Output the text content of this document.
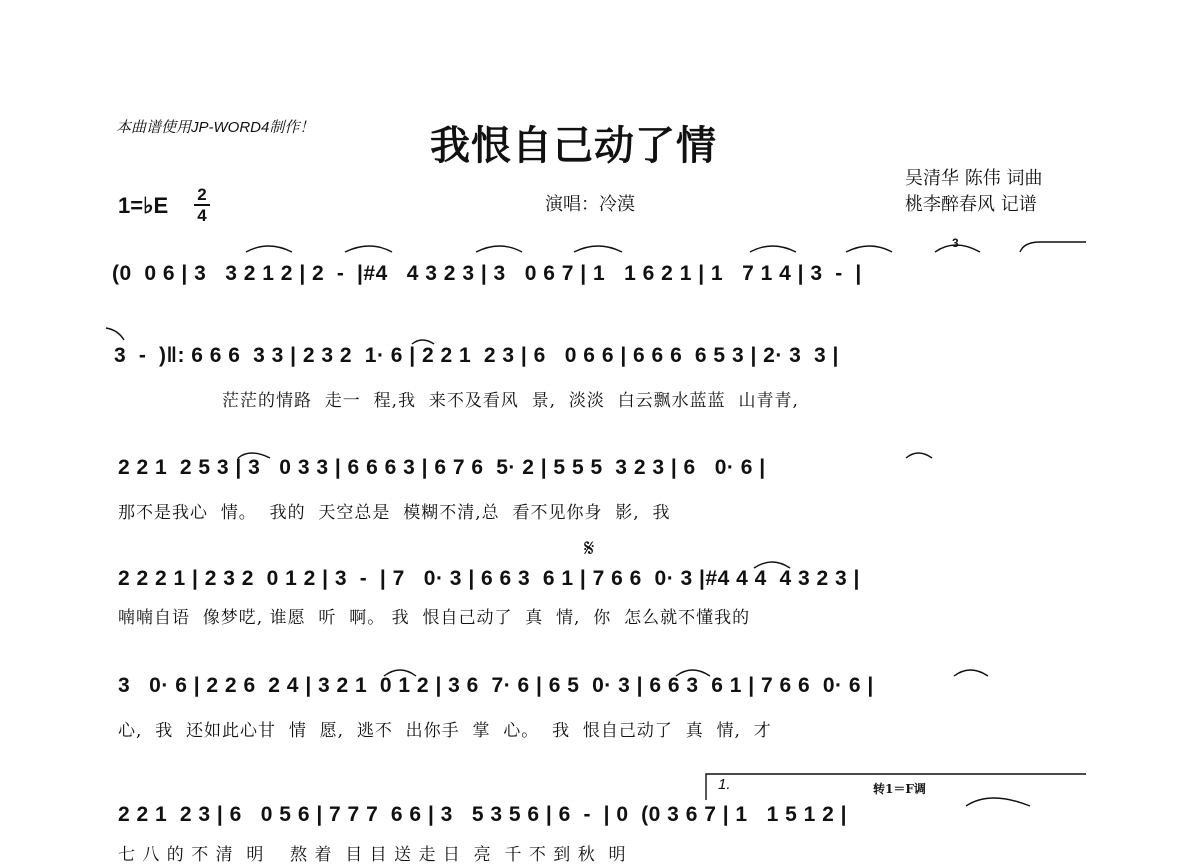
本曲谱使用JP-WORD4制作！	我恨自己动了情
吴清华 陈伟 词曲
桃李醉春风 记谱
演唱：冷漠
1=♭E 2
4
(0  0 6 | 3   3 2 1 2 | 2  -  |#4   4 3 2 3 | 3   0 6 7 | 1   1 6 2 1 | 1   7 1 4 | 3  -  |
3  -  )‖: 6 6 6  3 3 | 2 3 2  1· 6 | 2 2 1  2 3 | 6   0 6 6 | 6 6 6  6 5 3 | 2· 3  3 |
茫茫的情路  走一  程,我  来不及看风  景,  淡淡  白云飘水蓝蓝  山青青,
2 2 1  2 5 3 | 3   0 3 3 | 6 6 6 3 | 6 7 6  5· 2 | 5 5 5  3 2 3 | 6   0· 6 |
那不是我心  情。  我的  天空总是  模糊不清,总  看不见你身  影,  我
2 2 2 1 | 2 3 2  0 1 2 | 3  -  | 7   0· 3 | 6 6 3  6 1 | 7 6 6  0· 3 |#4 4 4  4 3 2 3 |
喃喃自语  像梦呓, 谁愿  听  啊。 我  恨自己动了  真  情,  你  怎么就不懂我的
3   0· 6 | 2 2 6  2 4 | 3 2 1  0 1 2 | 3 6  7· 6 | 6 5  0· 3 | 6 6 3  6 1 | 7 6 6  0· 6 |
心,  我  还如此心甘  情  愿,  逃不  出你手  掌  心。  我  恨自己动了  真  情,  才
2 2 1  2 3 | 6   0 5 6 | 7 7 7  6 6 | 3   5 3 5 6 | 6  -  | 0  (0 3 6 7 | 1   1 5 1 2 |
七 八 的 不 清  明    熬 着  目 目 送 走 日  亮  千 不 到 秋  明
3
𝄋
1.	转1＝F调
